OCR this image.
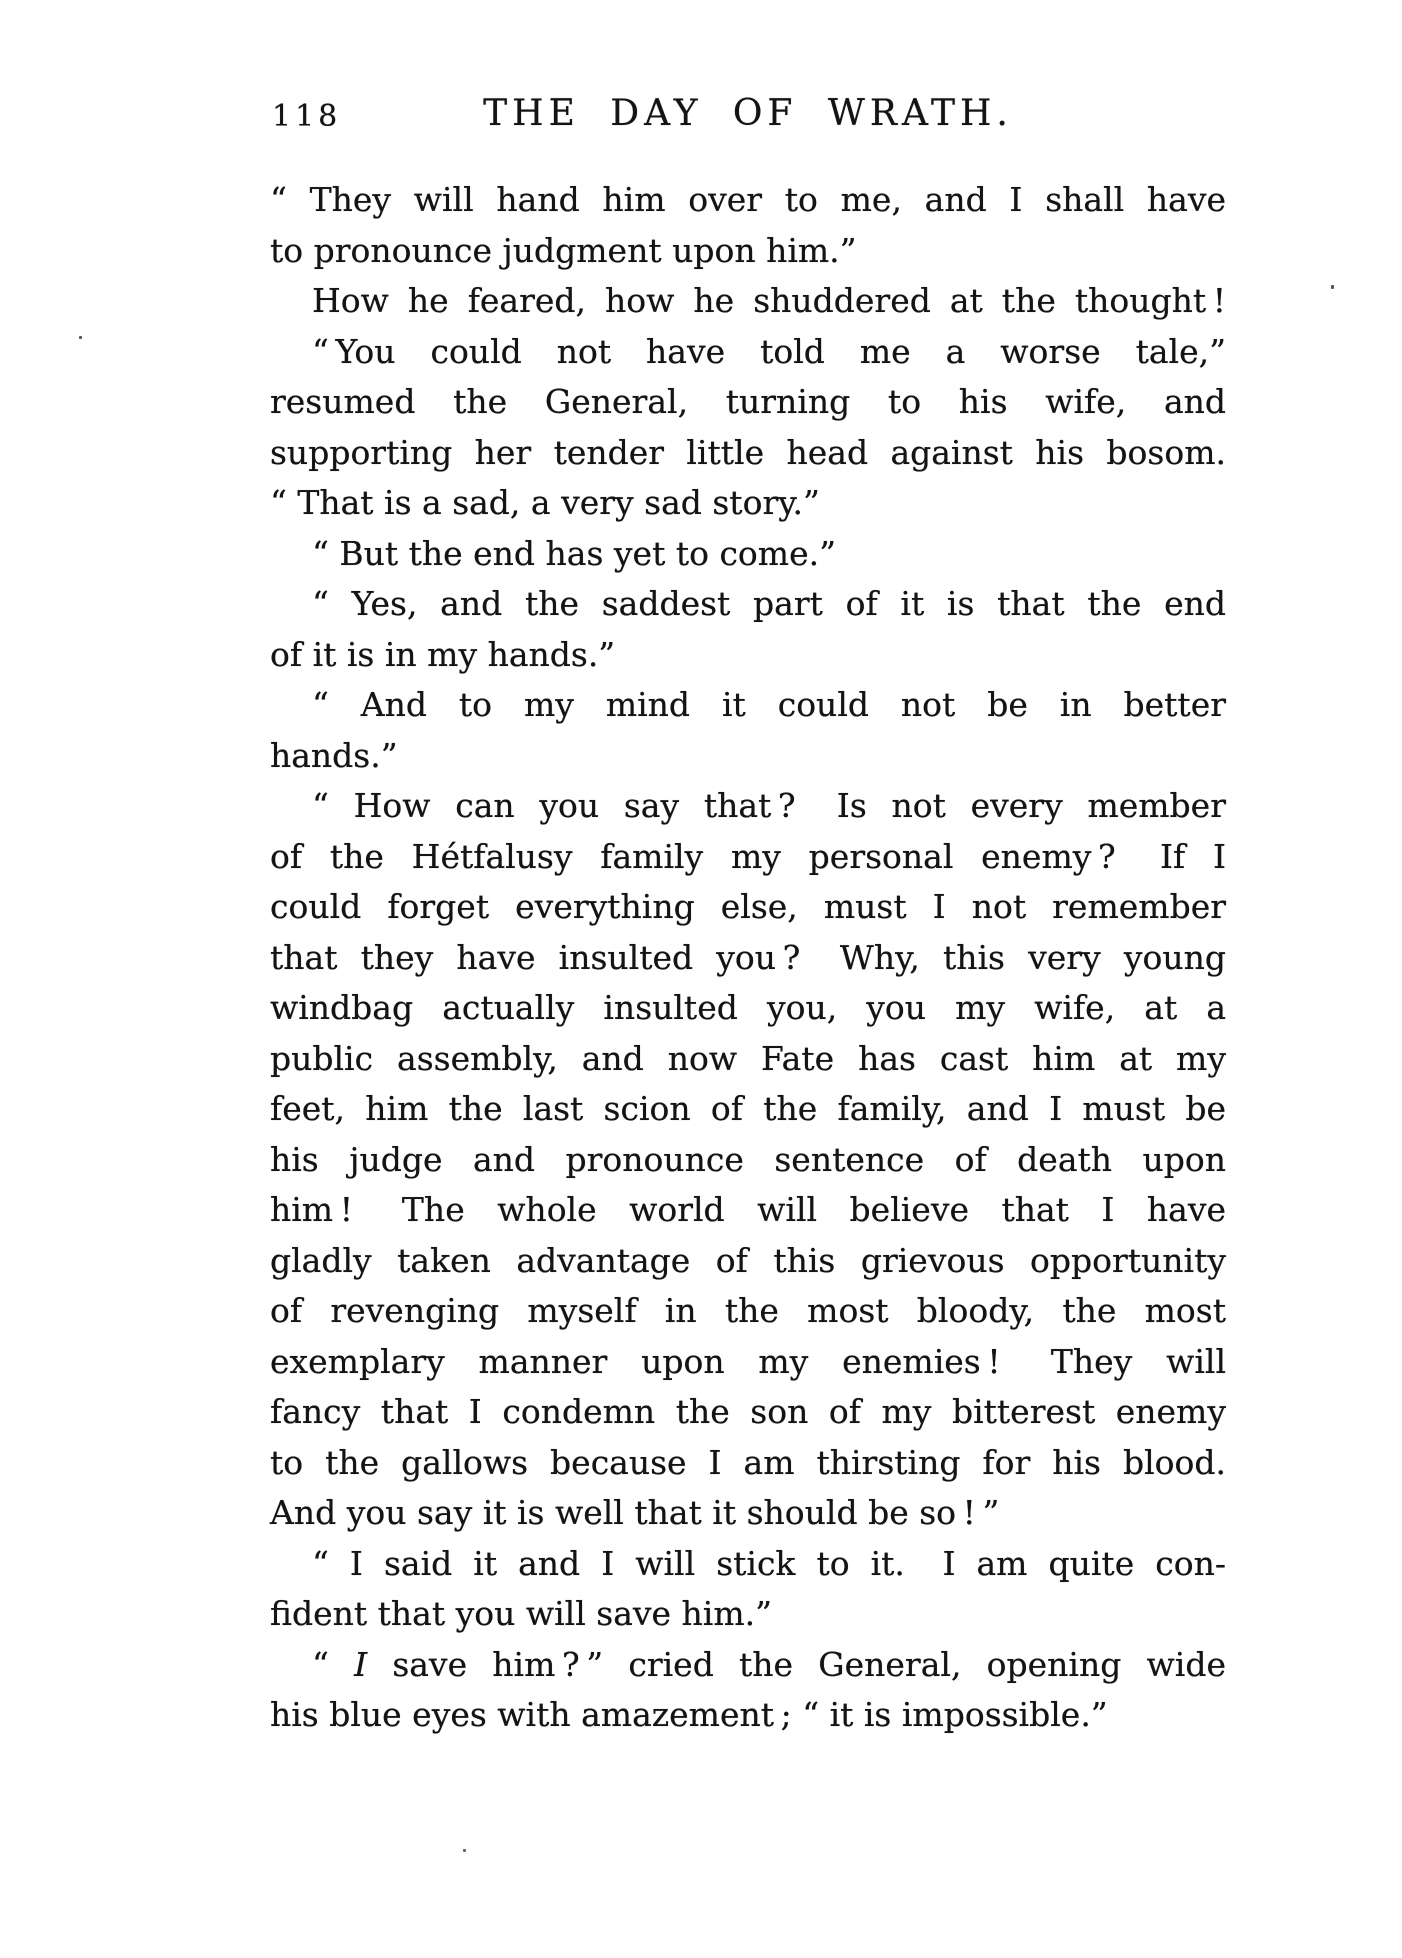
118	THE DAY OF WRATH.
“ They will hand him over to me, and I shall have
to pronounce judgment upon him.”
How he feared, how he shuddered at the thought !
“ You could not have told me a worse tale,”
resumed the General, turning to his wife, and
supporting her tender little head against his bosom.
“ That is a sad, a very sad story.”
“ But the end has yet to come.”
“ Yes, and the saddest part of it is that the end
of it is in my hands.”
“ And to my mind it could not be in better
hands.”
“ How can you say that ?  Is not every member
of the Hétfalusy family my personal enemy ?  If I
could forget everything else, must I not remember
that they have insulted you ?  Why, this very young
windbag actually insulted you, you my wife, at a
public assembly, and now Fate has cast him at my
feet, him the last scion of the family, and I must be
his judge and pronounce sentence of death upon
him !  The whole world will believe that I have
gladly taken advantage of this grievous opportunity
of revenging myself in the most bloody, the most
exemplary manner upon my enemies !  They will
fancy that I condemn the son of my bitterest enemy
to the gallows because I am thirsting for his blood.
And you say it is well that it should be so ! ”
“ I said it and I will stick to it.  I am quite con-
fident that you will save him.”
“ I save him ? ” cried the General, opening wide
his blue eyes with amazement ; “ it is impossible.”
